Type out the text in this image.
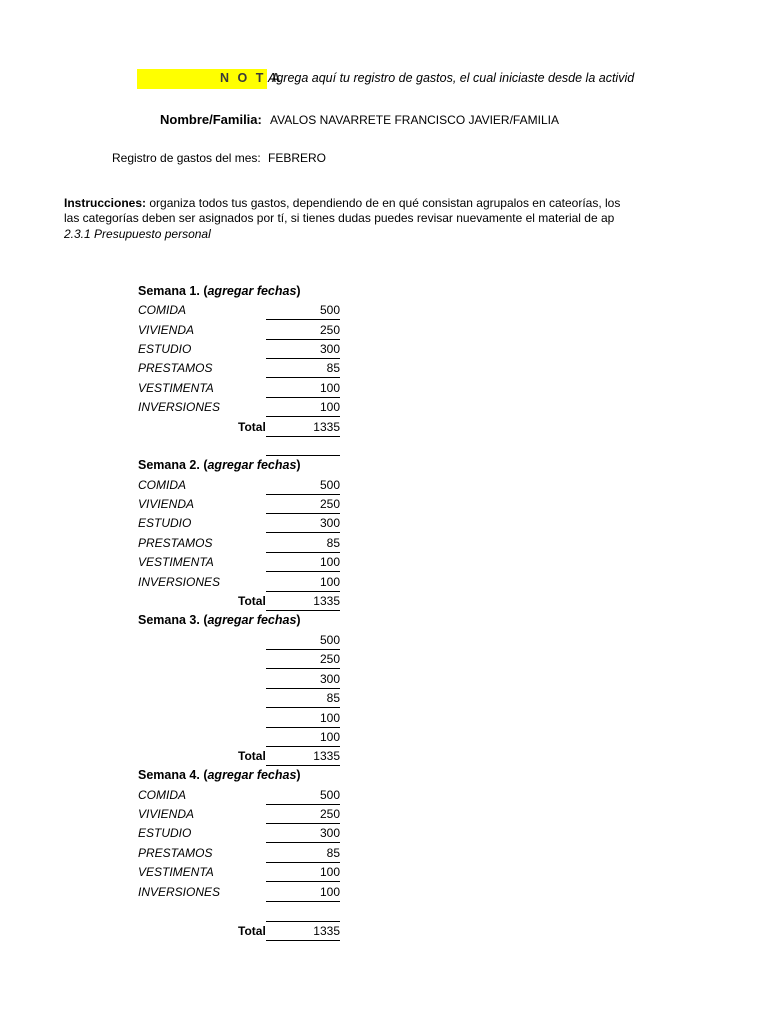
N O T A
Agrega aquí tu registro de gastos, el cual iniciaste desde la activid
Nombre/Familia: AVALOS NAVARRETE FRANCISCO JAVIER/FAMILIA
Registro de gastos del mes: FEBRERO
Instrucciones: organiza todos tus gastos, dependiendo de en qué consistan agrupalos en cateorías, los
las categorías deben ser asignados por tí, si tienes dudas puedes revisar nuevamente el material de ap
2.3.1 Presupuesto personal
Semana 1. (agregar fechas)
COMIDA	500
VIVIENDA	250
ESTUDIO	300
PRESTAMOS	85
VESTIMENTA	100
INVERSIONES	100
Total	1335
Semana 2. (agregar fechas)
COMIDA	500
VIVIENDA	250
ESTUDIO	300
PRESTAMOS	85
VESTIMENTA	100
INVERSIONES	100
Total	1335
Semana 3. (agregar fechas)
500
250
300
85
100
100
Total	1335
Semana 4. (agregar fechas)
COMIDA	500
VIVIENDA	250
ESTUDIO	300
PRESTAMOS	85
VESTIMENTA	100
INVERSIONES	100
Total	1335
